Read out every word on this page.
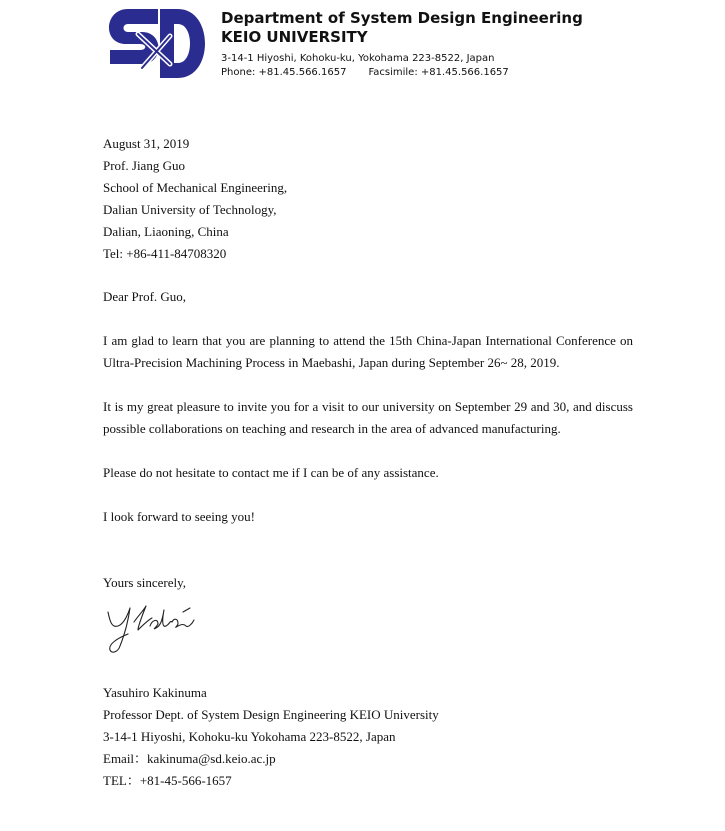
Department of System Design Engineering
KEIO UNIVERSITY
3-14-1 Hiyoshi, Kohoku-ku, Yokohama 223-8522, Japan
Phone: +81.45.566.1657 Facsimile: +81.45.566.1657
August 31, 2019
Prof. Jiang Guo
School of Mechanical Engineering,
Dalian University of Technology,
Dalian, Liaoning, China
Tel: +86-411-84708320
Dear Prof. Guo,
I am glad to learn that you are planning to attend the 15th China-Japan International Conference on Ultra-Precision Machining Process in Maebashi, Japan during September 26~ 28, 2019.
It is my great pleasure to invite you for a visit to our university on September 29 and 30, and discuss possible collaborations on teaching and research in the area of advanced manufacturing.
Please do not hesitate to contact me if I can be of any assistance.
I look forward to seeing you!
Yours sincerely,
Yasuhiro Kakinuma
Professor Dept. of System Design Engineering KEIO University
3-14-1 Hiyoshi, Kohoku-ku Yokohama 223-8522, Japan
Email：kakinuma@sd.keio.ac.jp
TEL：+81-45-566-1657
